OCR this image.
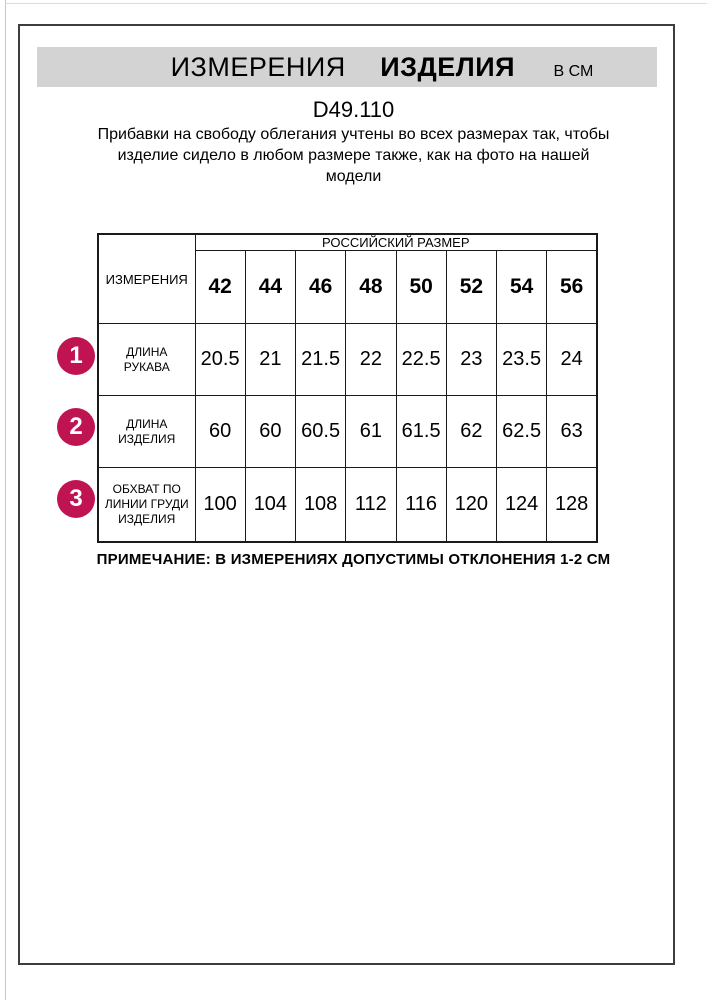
ИЗМЕРЕНИЯ ИЗДЕЛИЯ В СМ
D49.110
Прибавки на свободу облегания учтены во всех размерах так, чтобы
изделие сидело в любом размере также, как на фото на нашей
модели
ИЗМЕРЕНИЯ	РОССИЙСКИЙ РАЗМЕР							
	42	44	46	48	50	52	54	56
ДЛИНА РУКАВА	20.5	21	21.5	22	22.5	23	23.5	24
ДЛИНА ИЗДЕЛИЯ	60	60	60.5	61	61.5	62	62.5	63
ОБХВАТ ПО ЛИНИИ ГРУДИ ИЗДЕЛИЯ	100	104	108	112	116	120	124	128
1
2
3
ПРИМЕЧАНИЕ: В ИЗМЕРЕНИЯХ ДОПУСТИМЫ ОТКЛОНЕНИЯ 1-2 СМ
